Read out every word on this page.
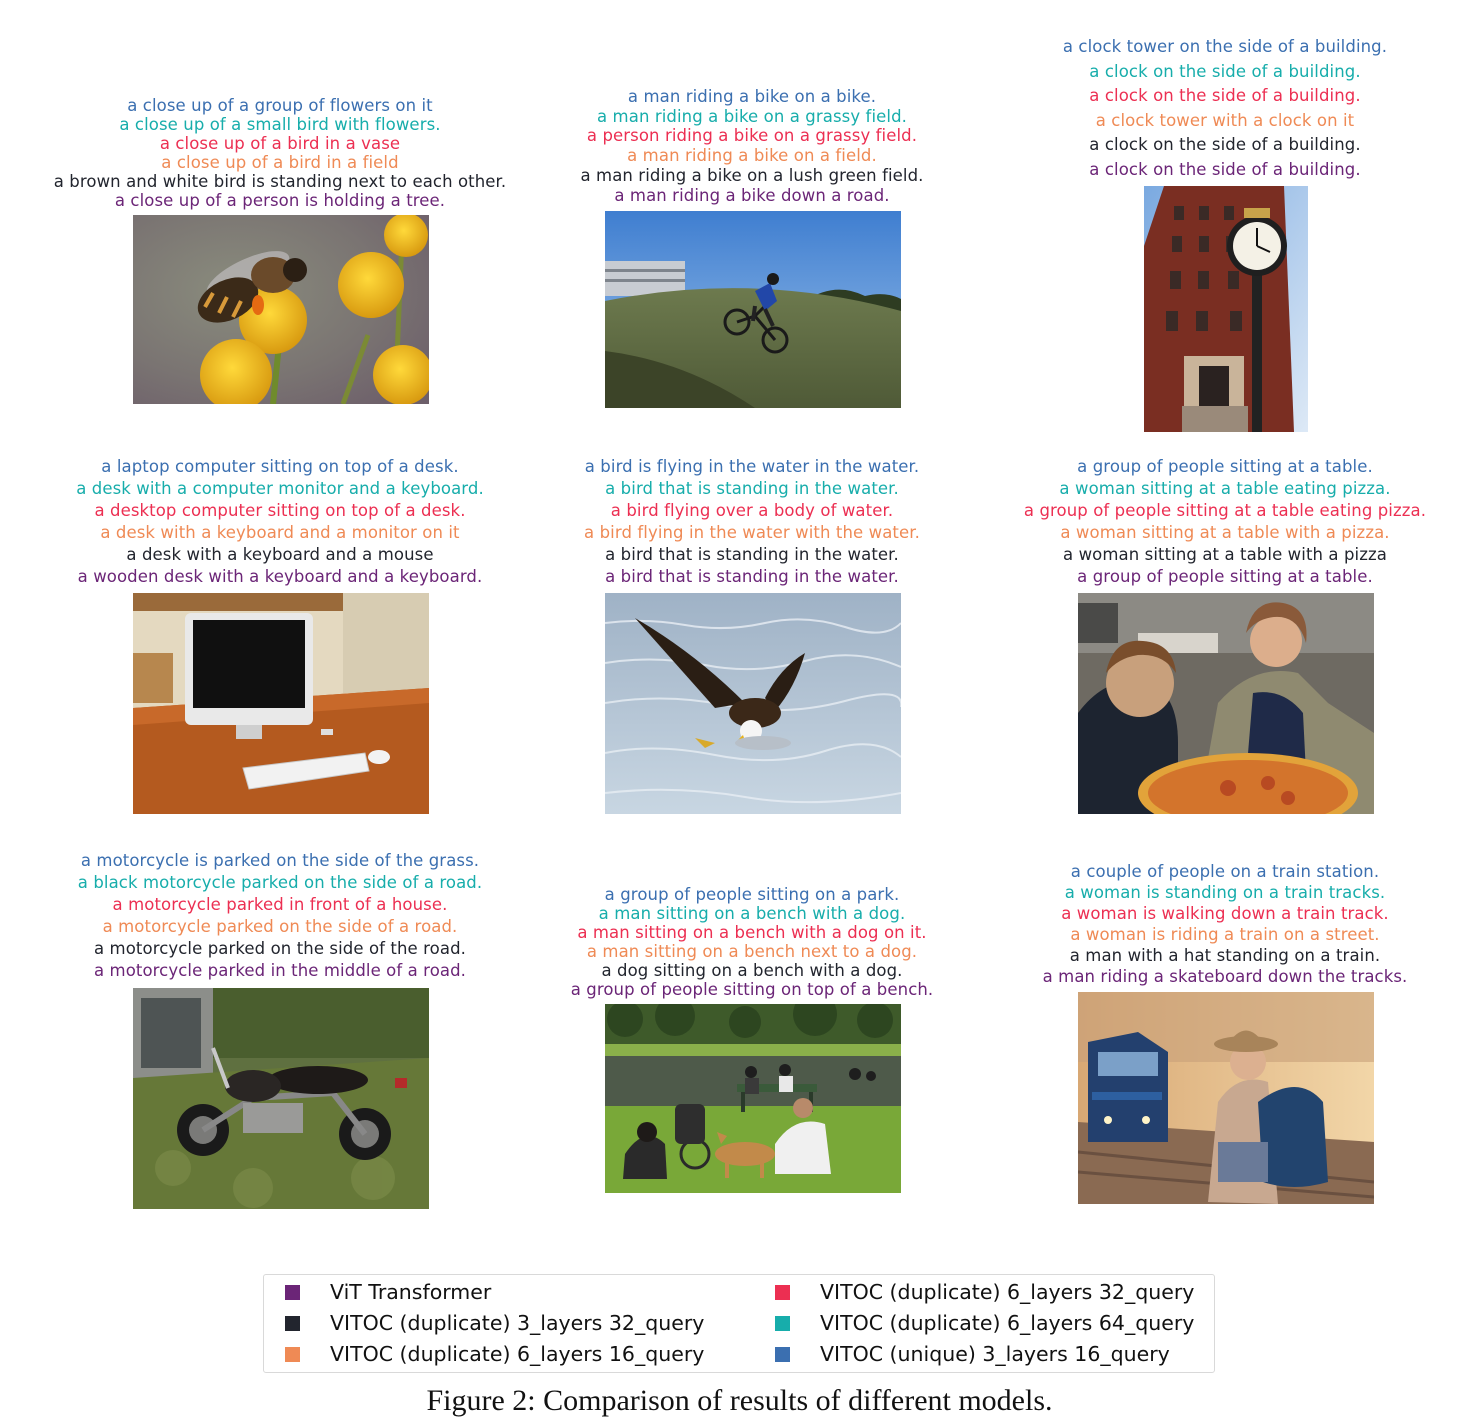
a close up of a group of flowers on it
a close up of a small bird with flowers.
a close up of a bird in a vase
a close up of a bird in a field
a brown and white bird is standing next to each other.
a close up of a person is holding a tree.
a man riding a bike on a bike.
a man riding a bike on a grassy field.
a person riding a bike on a grassy field.
a man riding a bike on a field.
a man riding a bike on a lush green field.
a man riding a bike down a road.
a clock tower on the side of a building.
a clock on the side of a building.
a clock on the side of a building.
a clock tower with a clock on it
a clock on the side of a building.
a clock on the side of a building.
a laptop computer sitting on top of a desk.
a desk with a computer monitor and a keyboard.
a desktop computer sitting on top of a desk.
a desk with a keyboard and a monitor on it
a desk with a keyboard and a mouse
a wooden desk with a keyboard and a keyboard.
a bird is flying in the water in the water.
a bird that is standing in the water.
a bird flying over a body of water.
a bird flying in the water with the water.
a bird that is standing in the water.
a bird that is standing in the water.
a group of people sitting at a table.
a woman sitting at a table eating pizza.
a group of people sitting at a table eating pizza.
a woman sitting at a table with a pizza.
a woman sitting at a table with a pizza
a group of people sitting at a table.
a motorcycle is parked on the side of the grass.
a black motorcycle parked on the side of a road.
a motorcycle parked in front of a house.
a motorcycle parked on the side of a road.
a motorcycle parked on the side of the road.
a motorcycle parked in the middle of a road.
a group of people sitting on a park.
a man sitting on a bench with a dog.
a man sitting on a bench with a dog on it.
a man sitting on a bench next to a dog.
a dog sitting on a bench with a dog.
a group of people sitting on top of a bench.
a couple of people on a train station.
a woman is standing on a train tracks.
a woman is walking down a train track.
a woman is riding a train on a street.
a man with a hat standing on a train.
a man riding a skateboard down the tracks.
ViT Transformer
VITOC (duplicate) 3_layers 32_query
VITOC (duplicate) 6_layers 16_query
VITOC (duplicate) 6_layers 32_query
VITOC (duplicate) 6_layers 64_query
VITOC (unique) 3_layers 16_query
Figure 2: Comparison of results of different models.
